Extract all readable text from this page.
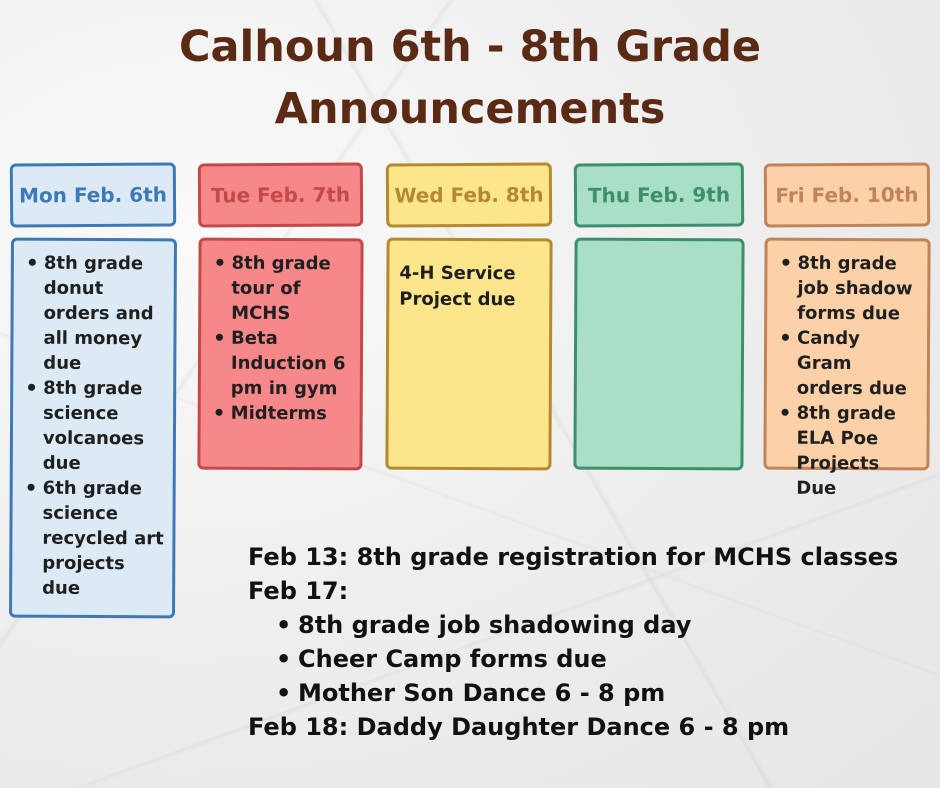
Calhoun 6th - 8th Grade
Announcements
Mon Feb. 6th
• 8th grade donut orders and all money due
• 8th grade science volcanoes due
• 6th grade science recycled art projects due
Tue Feb. 7th
• 8th grade tour of MCHS
• Beta Induction 6 pm in gym
• Midterms
Wed Feb. 8th
4-H Service Project due
Thu Feb. 9th	Fri Feb. 10th
• 8th grade job shadow forms due
• Candy Gram orders due
• 8th grade ELA Poe Projects Due
Feb 13: 8th grade registration for MCHS classes
Feb 17:
• 8th grade job shadowing day
• Cheer Camp forms due
• Mother Son Dance 6 - 8 pm
Feb 18: Daddy Daughter Dance 6 - 8 pm
